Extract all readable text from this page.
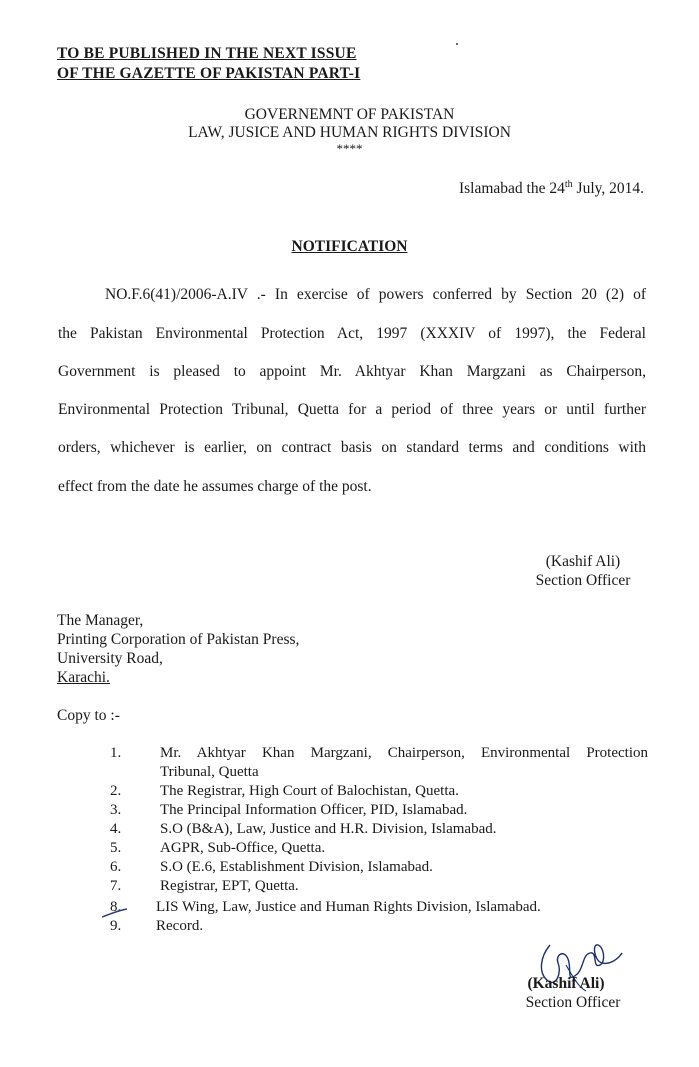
TO BE PUBLISHED IN THE NEXT ISSUE
OF THE GAZETTE OF PAKISTAN PART-I
GOVERNEMNT OF PAKISTAN
LAW, JUSICE AND HUMAN RIGHTS DIVISION
****
Islamabad the 24th July, 2014.
NOTIFICATION
NO.F.6(41)/2006-A.IV .- In exercise of powers conferred by Section 20 (2) of
the Pakistan Environmental Protection Act, 1997 (XXXIV of 1997), the Federal
Government is pleased to appoint Mr. Akhtyar Khan Margzani as Chairperson,
Environmental Protection Tribunal, Quetta for a period of three years or until further
orders, whichever is earlier, on contract basis on standard terms and conditions with
effect from the date he assumes charge of the post.
(Kashif Ali)
Section Officer
The Manager,
Printing Corporation of Pakistan Press,
University Road,
Karachi.
Copy to :-
1.	Mr. Akhtyar Khan Margzani, Chairperson, Environmental Protection
Tribunal, Quetta
2.	The Registrar, High Court of Balochistan, Quetta.
3.	The Principal Information Officer, PID, Islamabad.
4.	S.O (B&A), Law, Justice and H.R. Division, Islamabad.
5.	AGPR, Sub-Office, Quetta.
6.	S.O (E.6, Establishment Division, Islamabad.
7.	Registrar, EPT, Quetta.
8. LIS Wing, Law, Justice and Human Rights Division, Islamabad.
9. Record.
(Kashif Ali)
Section Officer
